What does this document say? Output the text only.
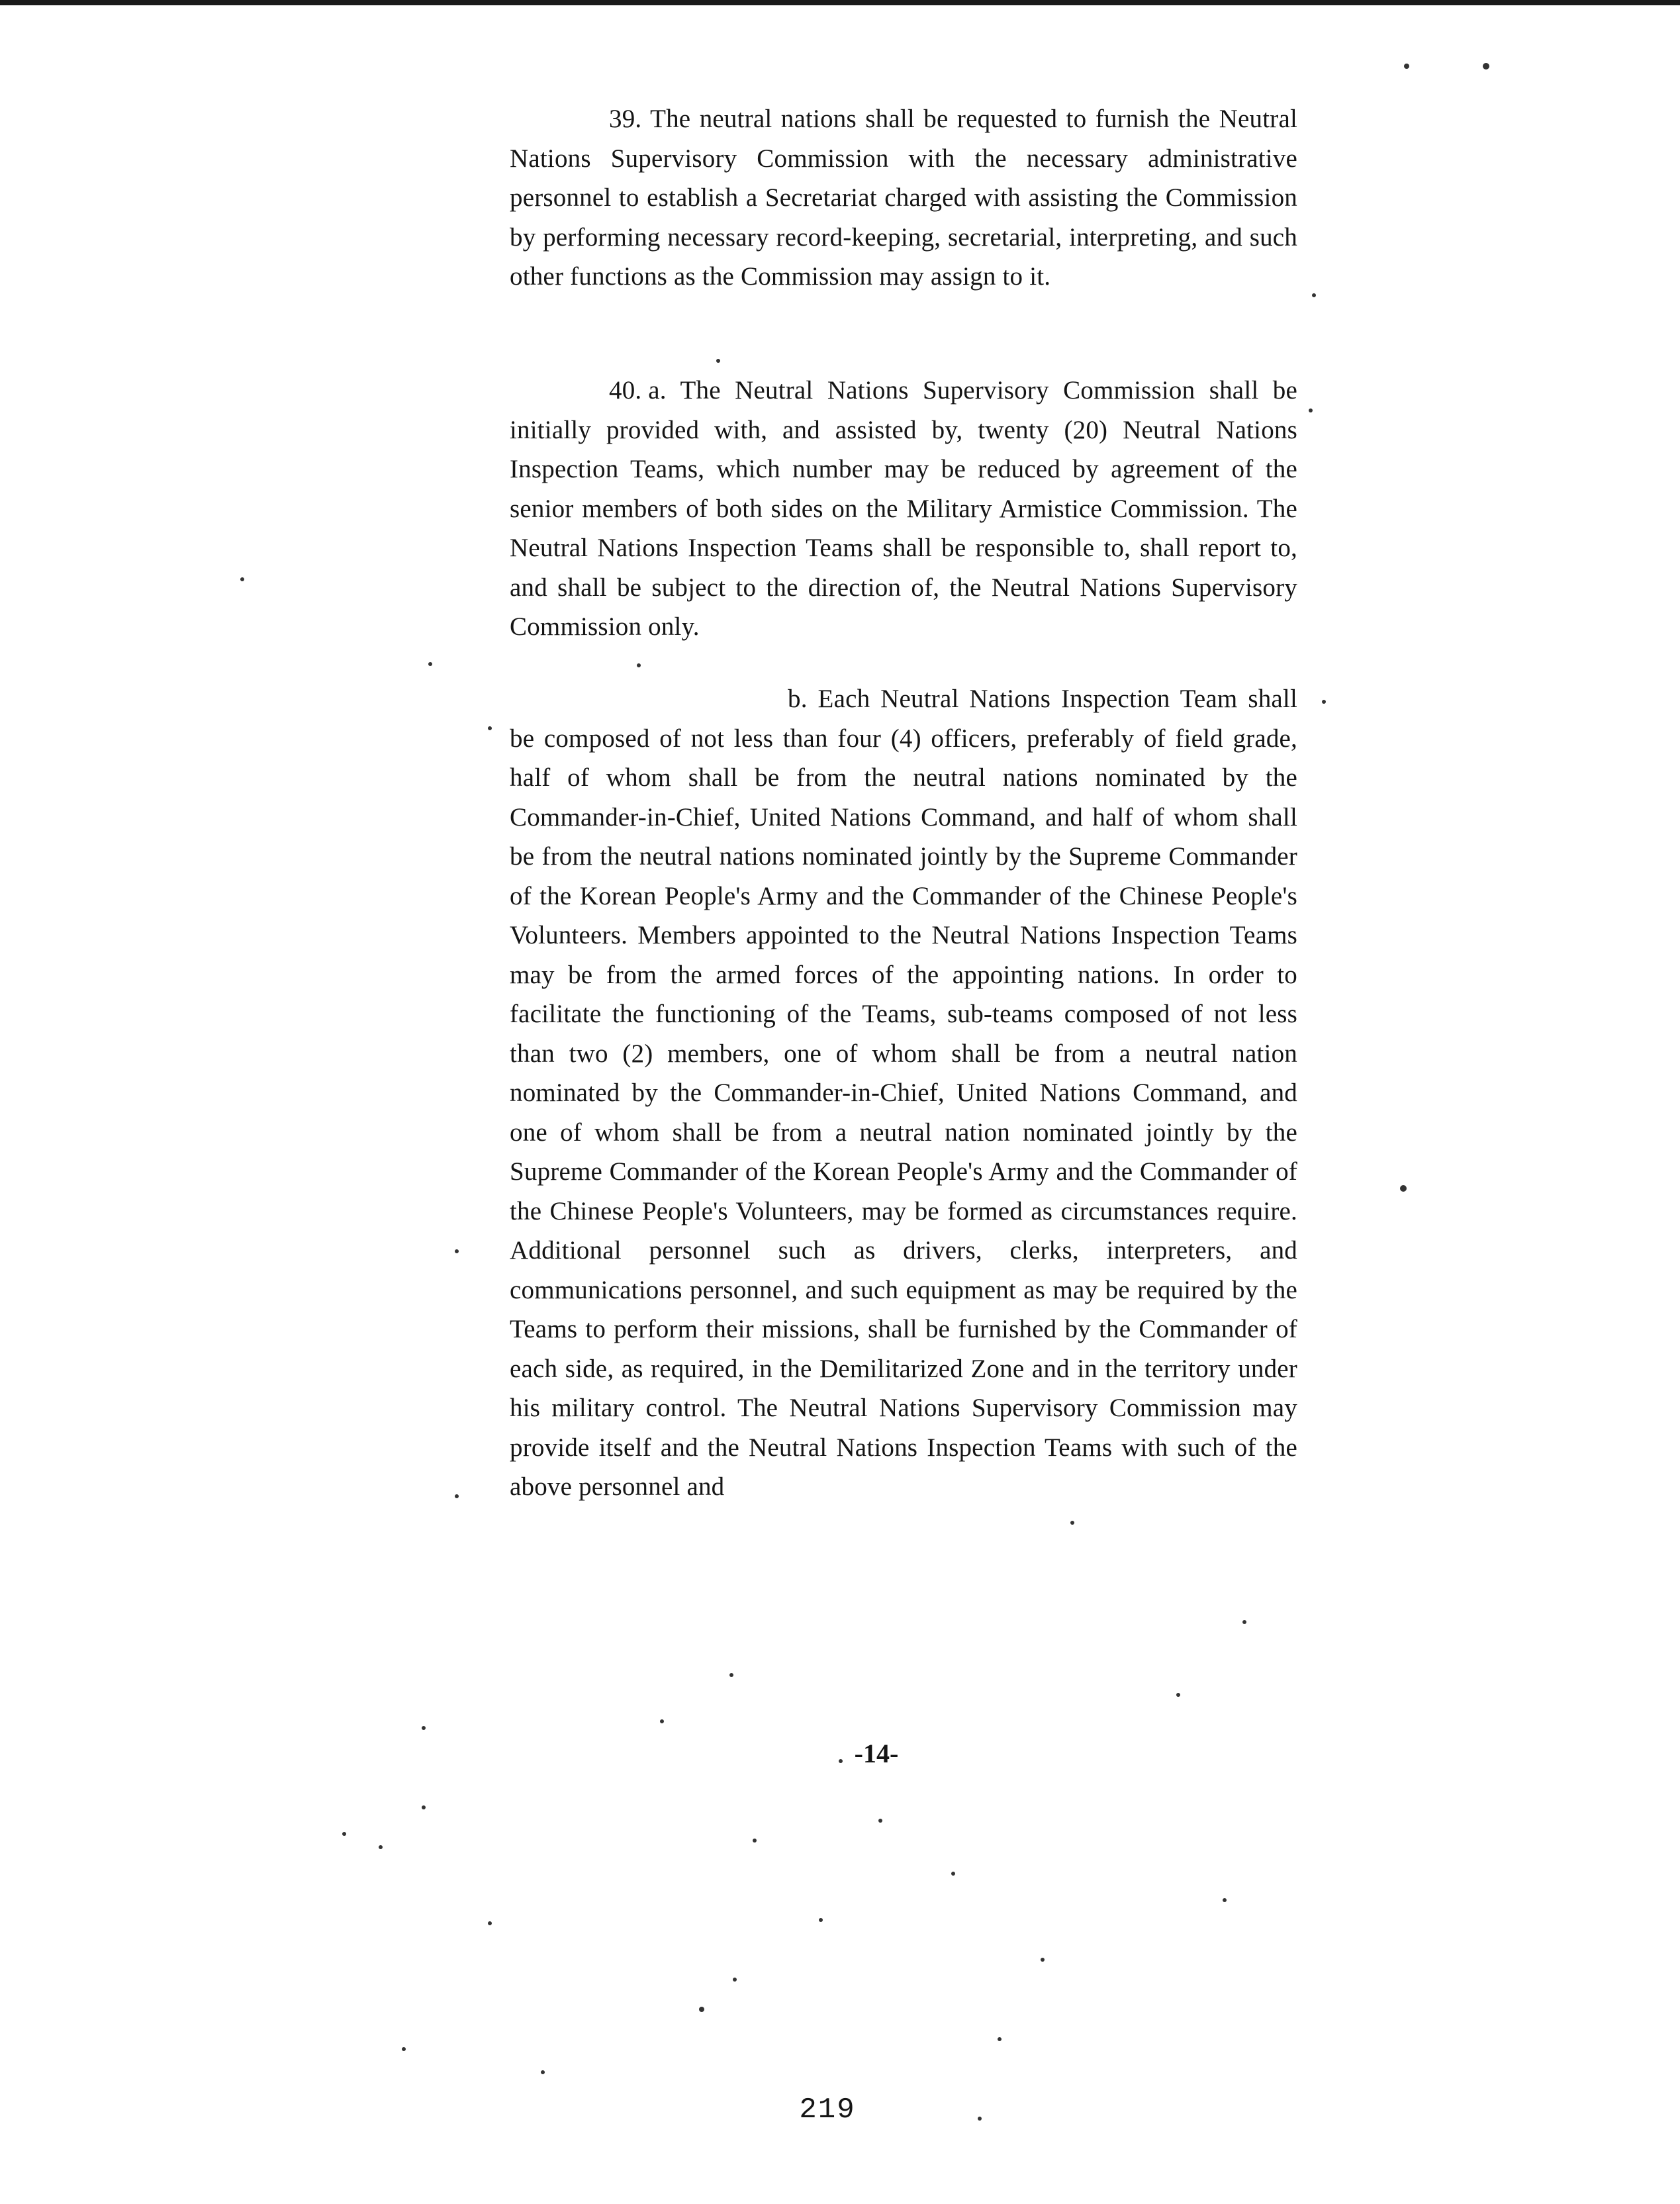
39. The neutral nations shall be requested to furnish the Neutral Nations Supervisory Commission with the necessary administrative personnel to establish a Secretariat charged with assisting the Commission by performing necessary record-keeping, secretarial, interpreting, and such other functions as the Commission may assign to it.

40. a. The Neutral Nations Supervisory Commission shall be initially provided with, and assisted by, twenty (20) Neutral Nations Inspection Teams, which number may be reduced by agreement of the senior members of both sides on the Military Armistice Commission. The Neutral Nations Inspection Teams shall be responsible to, shall report to, and shall be subject to the direction of, the Neutral Nations Supervisory Commission only.

b. Each Neutral Nations Inspection Team shall be composed of not less than four (4) officers, preferably of field grade, half of whom shall be from the neutral nations nominated by the Commander-in-Chief, United Nations Command, and half of whom shall be from the neutral nations nominated jointly by the Supreme Commander of the Korean People's Army and the Commander of the Chinese People's Volunteers. Members appointed to the Neutral Nations Inspection Teams may be from the armed forces of the appointing nations. In order to facilitate the functioning of the Teams, sub-teams composed of not less than two (2) members, one of whom shall be from a neutral nation nominated by the Commander-in-Chief, United Nations Command, and one of whom shall be from a neutral nation nominated jointly by the Supreme Commander of the Korean People's Army and the Commander of the Chinese People's Volunteers, may be formed as circumstances require. Additional personnel such as drivers, clerks, interpreters, and communications personnel, and such equipment as may be required by the Teams to perform their missions, shall be furnished by the Commander of each side, as required, in the Demilitarized Zone and in the territory under his military control. The Neutral Nations Supervisory Commission may provide itself and the Neutral Nations Inspection Teams with such of the above personnel and

-14-
219
